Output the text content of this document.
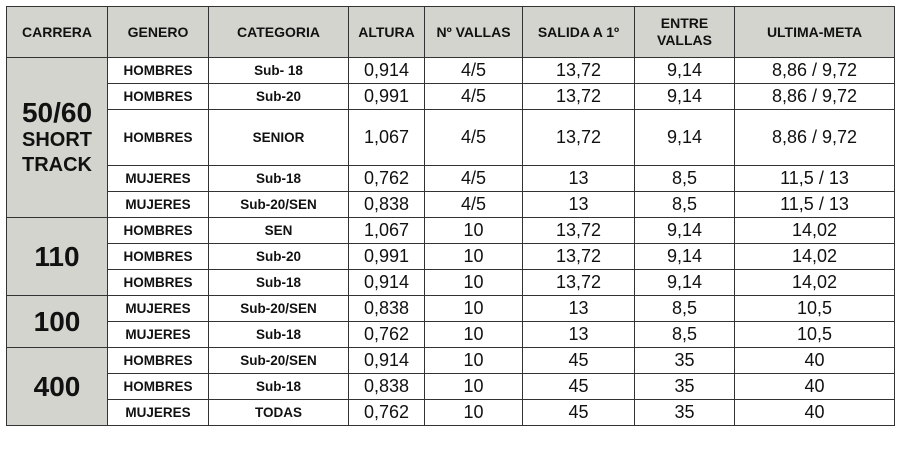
CARRERA	GENERO	CATEGORIA	ALTURA	Nº VALLAS	SALIDA A 1º	ENTRE VALLAS	ULTIMA-META

50/60
SHORT
TRACK	HOMBRES	Sub- 18	0,914	4/5	13,72	9,14	8,86 / 9,72
	HOMBRES	Sub-20	0,991	4/5	13,72	9,14	8,86 / 9,72
	HOMBRES	SENIOR	1,067	4/5	13,72	9,14	8,86 / 9,72
	MUJERES	Sub-18	0,762	4/5	13	8,5	11,5 / 13
	MUJERES	Sub-20/SEN	0,838	4/5	13	8,5	11,5 / 13

110	HOMBRES	SEN	1,067	10	13,72	9,14	14,02
	HOMBRES	Sub-20	0,991	10	13,72	9,14	14,02
	HOMBRES	Sub-18	0,914	10	13,72	9,14	14,02

100	MUJERES	Sub-20/SEN	0,838	10	13	8,5	10,5
	MUJERES	Sub-18	0,762	10	13	8,5	10,5

400	HOMBRES	Sub-20/SEN	0,914	10	45	35	40
	HOMBRES	Sub-18	0,838	10	45	35	40
	MUJERES	TODAS	0,762	10	45	35	40
